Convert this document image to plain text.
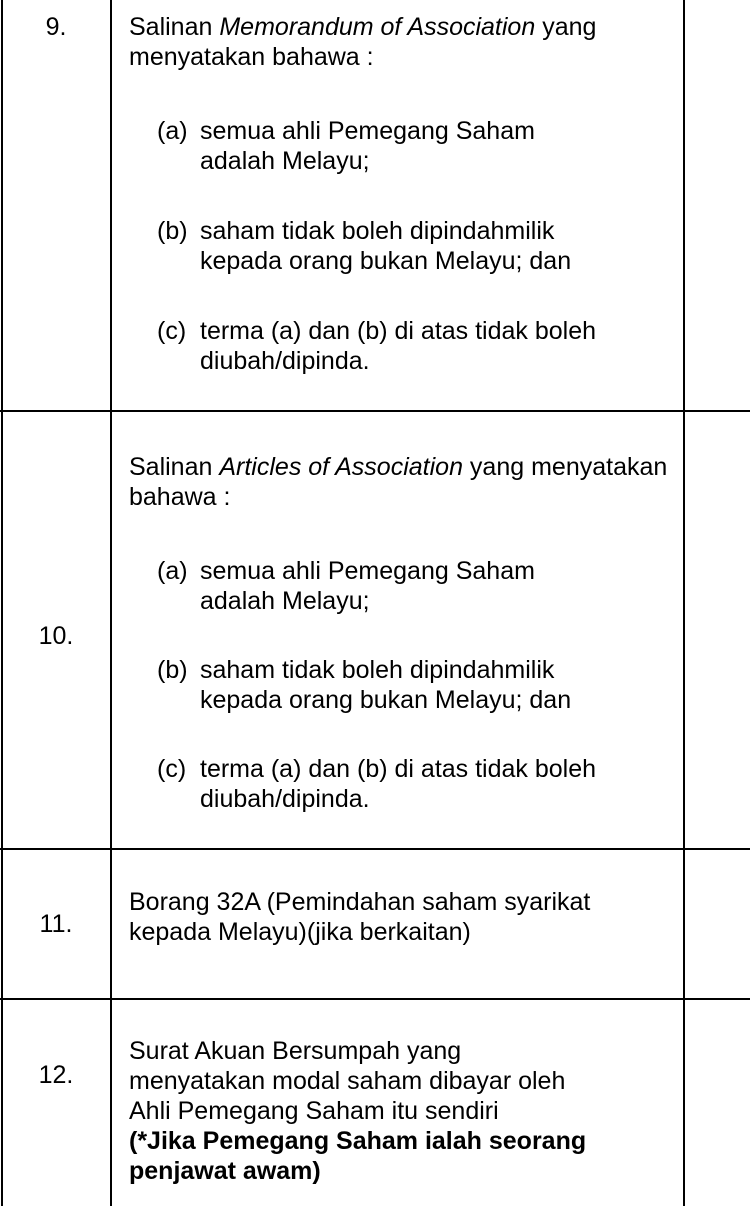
9.	Salinan Memorandum of Association yang menyatakan bahawa :
(a) semua ahli Pemegang Saham
adalah Melayu;
(b) saham tidak boleh dipindahmilik
kepada orang bukan Melayu; dan
(c) terma (a) dan (b) di atas tidak boleh
diubah/dipinda.
10.
Salinan Articles of Association yang menyatakan bahawa :
(a) semua ahli Pemegang Saham
adalah Melayu;
(b) saham tidak boleh dipindahmilik
kepada orang bukan Melayu; dan
(c) terma (a) dan (b) di atas tidak boleh
diubah/dipinda.
11.
Borang 32A (Pemindahan saham syarikat
kepada Melayu)(jika berkaitan)
12.
Surat Akuan Bersumpah yang
menyatakan modal saham dibayar oleh
Ahli Pemegang Saham itu sendiri
(*Jika Pemegang Saham ialah seorang
penjawat awam)
